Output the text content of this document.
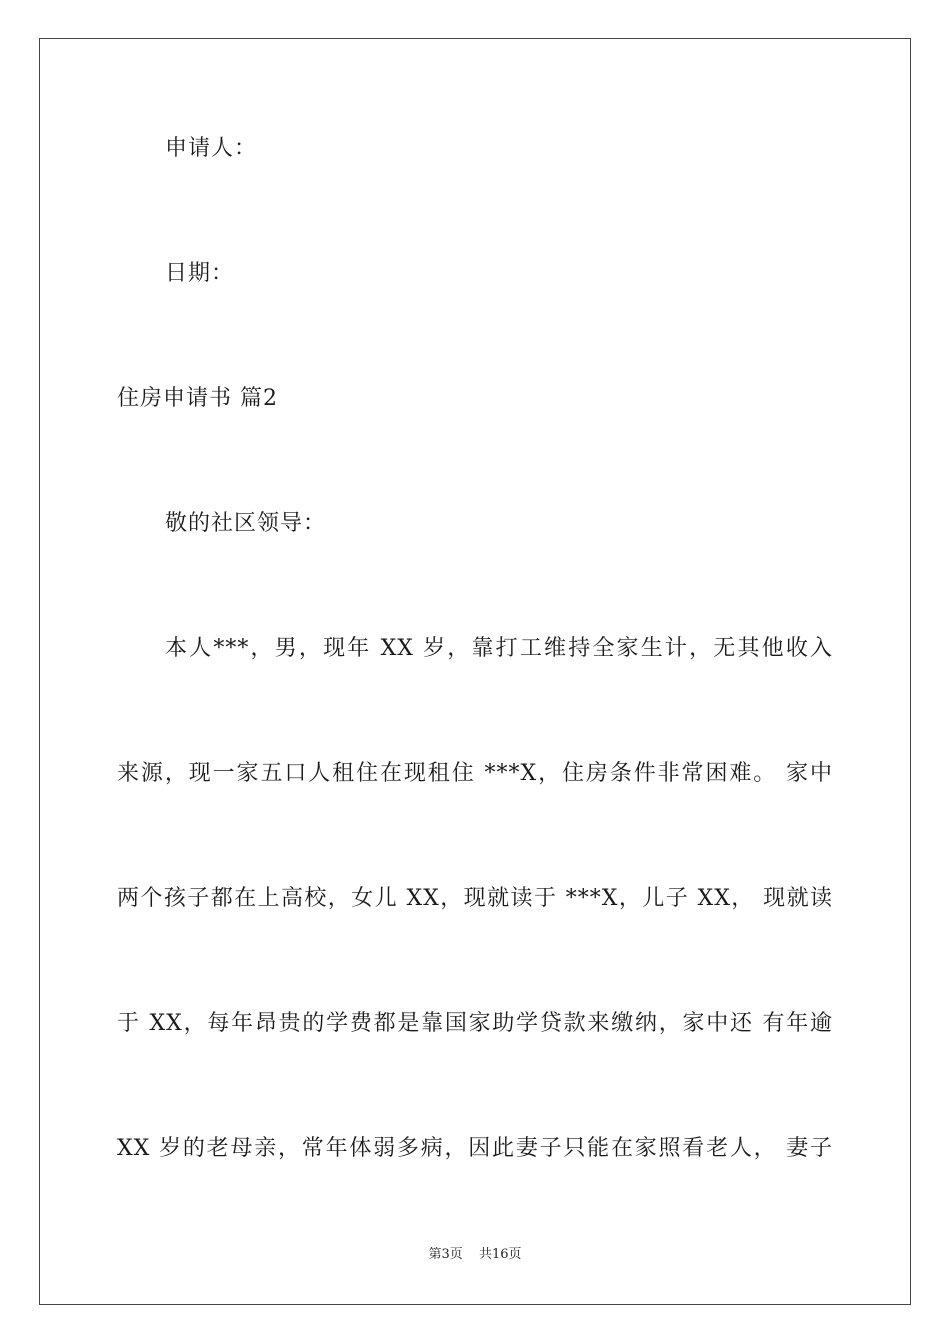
申请人：
日期：
住房申请书 篇2
敬的社区领导：
本人***，男，现年 XX 岁，靠打工维持全家生计，无其他收入
来源，现一家五口人租住在现租住 ***X，住房条件非常困难。 家中
两个孩子都在上高校，女儿 XX，现就读于 ***X，儿子 XX， 现就读
于 XX，每年昂贵的学费都是靠国家助学贷款来缴纳，家中还 有年逾
XX 岁的老母亲，常年体弱多病，因此妻子只能在家照看老人， 妻子
第3页 共16页
